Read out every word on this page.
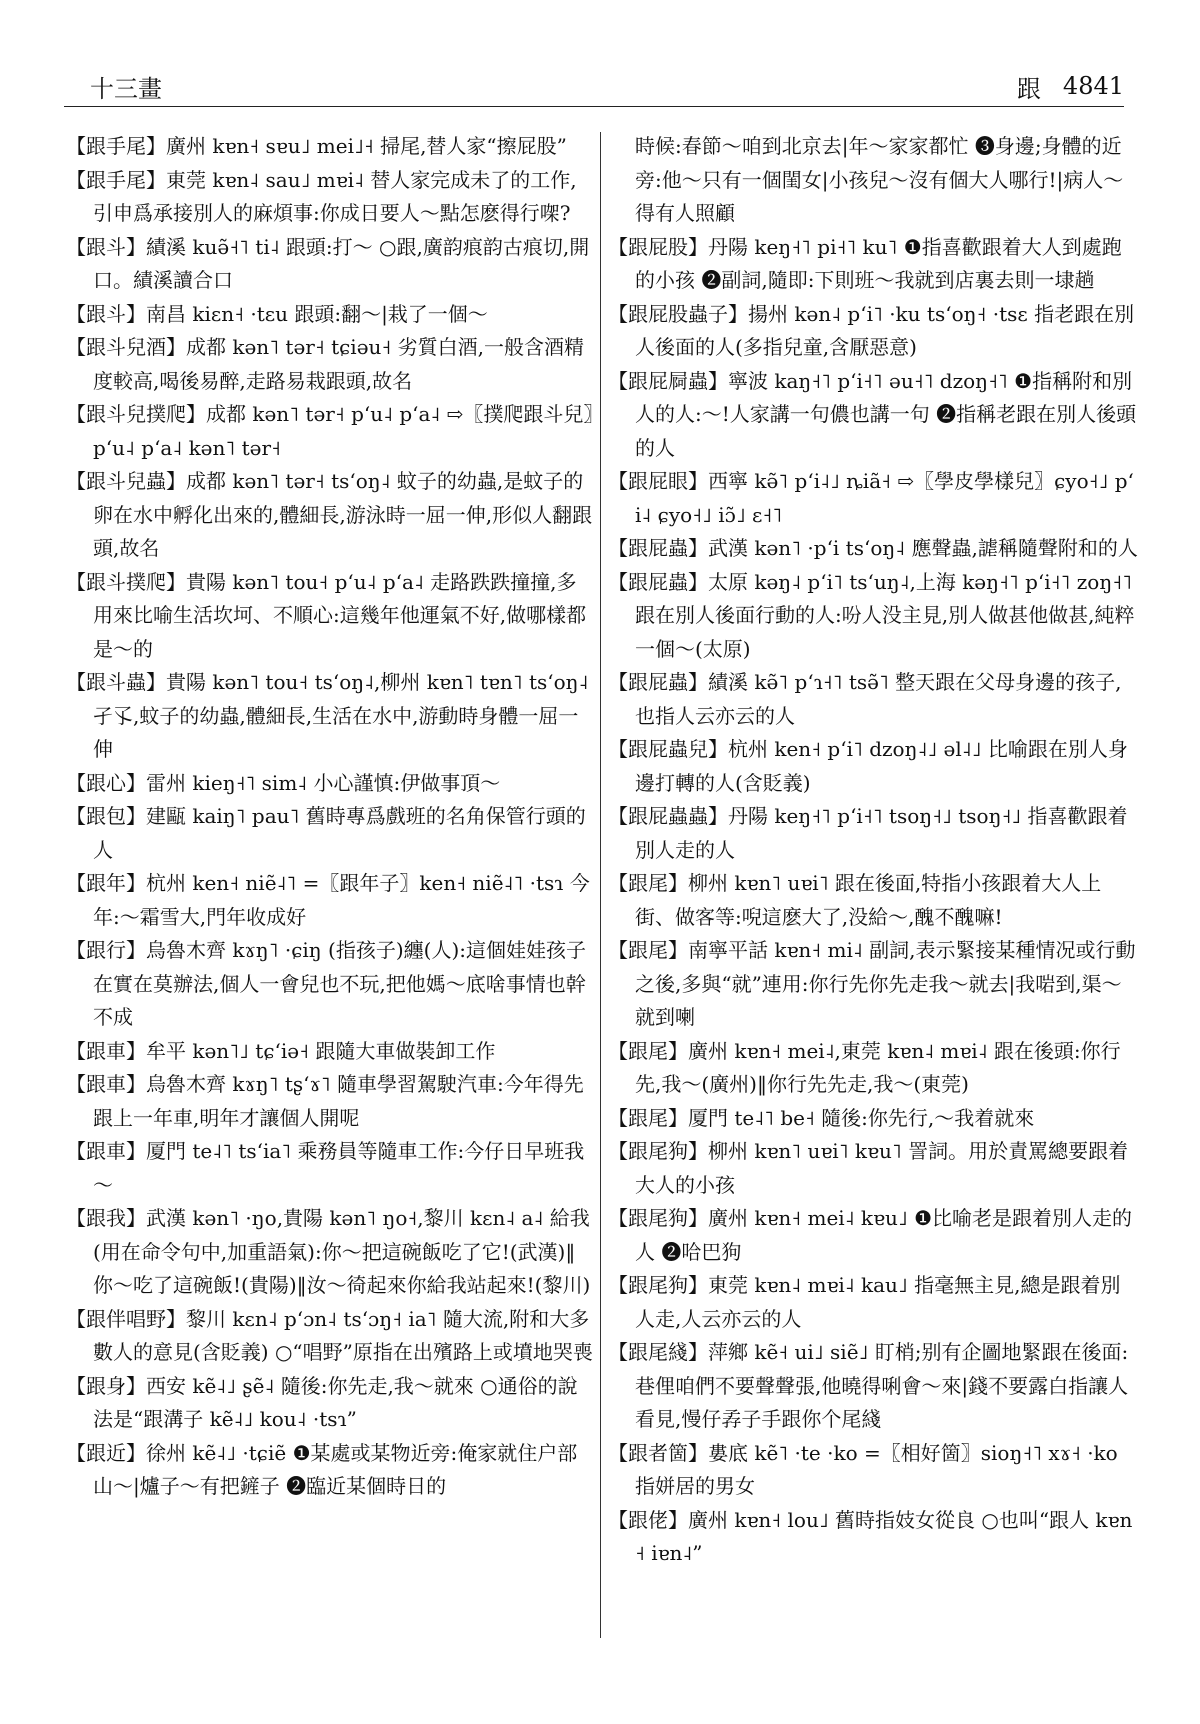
十三畫	跟 4841
【跟手尾】廣州 kɐn˧ sɐu˩ mei˩˧ 掃尾,替人家“擦屁股”
【跟手尾】東莞 kɐn˨ sau˩ mɐi˨ 替人家完成未了的工作,引申爲承接別人的麻煩事:你成日要人～點怎麽得行㗎?
【跟斗】績溪 kuə̃˧˥ ti˨ 跟頭:打～ ○跟,廣韵痕韵古痕切,開口。績溪讀合口
【跟斗】南昌 kiɛn˧ ·tɛu 跟頭:翻～|栽了一個～
【跟斗兒酒】成都 kən˥ tər˧ tɕiəu˧ 劣質白酒,一般含酒精度較高,喝後易醉,走路易栽跟頭,故名
【跟斗兒撲爬】成都 kən˥ tər˧ pʻu˨ pʻa˨ ⇨〖撲爬跟斗兒〗pʻu˨ pʻa˨ kən˥ tər˧
【跟斗兒蟲】成都 kən˥ tər˧ tsʻoŋ˨ 蚊子的幼蟲,是蚊子的卵在水中孵化出來的,體細長,游泳時一屈一伸,形似人翻跟頭,故名
【跟斗撲爬】貴陽 kən˥ tou˧ pʻu˨ pʻa˨ 走路跌跌撞撞,多用來比喻生活坎坷、不順心:這幾年他運氣不好,做哪樣都是～的
【跟斗蟲】貴陽 kən˥ tou˧ tsʻoŋ˨,柳州 kɐn˥ tɐn˥ tsʻoŋ˨ 孑孓,蚊子的幼蟲,體細長,生活在水中,游動時身體一屈一伸
【跟心】雷州 kieŋ˧˥ sim˨ 小心謹慎:伊做事頂～
【跟包】建甌 kaiŋ˥ pau˥ 舊時專爲戲班的名角保管行頭的人
【跟年】杭州 ken˧ niẽ˨˥ =〖跟年子〗ken˧ niẽ˨˥ ·tsɿ 今年:～霜雪大,門年收成好
【跟行】烏魯木齊 kɤŋ˥ ·ɕiŋ (指孩子)纏(人):這個娃娃孩子在實在莫辦法,個人一會兒也不玩,把他媽～底啥事情也幹不成
【跟車】牟平 kən˥˩ tɕʻiə˧ 跟隨大車做裝卸工作
【跟車】烏魯木齊 kɤŋ˥ tʂʻɤ˥ 隨車學習駕駛汽車:今年得先跟上一年車,明年才讓個人開呢
【跟車】厦門 te˨˥ tsʻia˥ 乘務員等隨車工作:今仔日早班我～
【跟我】武漢 kən˥ ·ŋo,貴陽 kən˥ ŋo˧,黎川 kɛn˨ a˨ 給我(用在命令句中,加重語氣):你～把這碗飯吃了它!(武漢)‖你～吃了這碗飯!(貴陽)‖汝～徛起來你給我站起來!(黎川)
【跟伴唱野】黎川 kɛn˨ pʻɔn˨ tsʻɔŋ˧ ia˥ 隨大流,附和大多數人的意見(含貶義) ○“唱野”原指在出殯路上或墳地哭喪
【跟身】西安 kẽ˨˩ ʂẽ˨ 隨後:你先走,我～就來 ○通俗的說法是“跟溝子 kẽ˨˩ kou˨ ·tsɿ”
【跟近】徐州 kẽ˨˩ ·tɕiẽ ❶某處或某物近旁:俺家就住户部山～|爐子～有把鏟子 ❷臨近某個時日的
時候:春節～咱到北京去|年～家家都忙 ❸身邊;身體的近旁:他～只有一個閨女|小孩兒～沒有個大人哪行!|病人～得有人照顧
【跟屁股】丹陽 keŋ˧˥ pi˧˥ ku˥ ❶指喜歡跟着大人到處跑的小孩 ❷副詞,隨即:下則班～我就到店裏去則一埭趟
【跟屁股蟲子】揚州 kən˨ pʻi˥ ·ku tsʻoŋ˧ ·tsɛ 指老跟在別人後面的人(多指兒童,含厭惡意)
【跟屁屙蟲】寧波 kaŋ˧˥ pʻi˧˥ əu˧˥ dzoŋ˧˥ ❶指稱附和別人的人:～!人家講一句儂也講一句 ❷指稱老跟在別人後頭的人
【跟屁眼】西寧 kə̃˥ pʻi˨˩ ȵiã˧ ⇨〖學皮學樣兒〗ɕyo˧˩ pʻi˨ ɕyo˧˩ iɔ̃˩ ɛ˧˥
【跟屁蟲】武漢 kən˥ ·pʻi tsʻoŋ˨ 應聲蟲,謔稱隨聲附和的人
【跟屁蟲】太原 kəŋ˨ pʻi˥ tsʻuŋ˨,上海 kəŋ˧˥ pʻi˧˥ zoŋ˧˥ 跟在別人後面行動的人:吩人没主見,別人做甚他做甚,純粹一個～(太原)
【跟屁蟲】績溪 kə̃˥ pʻɿ˧˥ tsə̃˥ 整天跟在父母身邊的孩子,也指人云亦云的人
【跟屁蟲兒】杭州 ken˧ pʻi˥ dzoŋ˨˩ əl˨˩ 比喻跟在別人身邊打轉的人(含貶義)
【跟屁蟲蟲】丹陽 keŋ˧˥ pʻi˧˥ tsoŋ˧˩ tsoŋ˧˩ 指喜歡跟着別人走的人
【跟尾】柳州 kɐn˥ uɐi˥ 跟在後面,特指小孩跟着大人上街、做客等:唲這麽大了,没給～,醜不醜嘛!
【跟尾】南寧平話 kɐn˧ mi˨ 副詞,表示緊接某種情况或行動之後,多與“就”連用:你行先你先走我～就去|我啱到,渠～就到喇
【跟尾】廣州 kɐn˧ mei˨,東莞 kɐn˨ mɐi˨ 跟在後頭:你行先,我～(廣州)‖你行先先走,我～(東莞)
【跟尾】厦門 te˨˥ be˧ 隨後:你先行,～我着就來
【跟尾狗】柳州 kɐn˥ uɐi˥ kɐu˥ 詈詞。用於責罵總要跟着大人的小孩
【跟尾狗】廣州 kɐn˧ mei˨ kɐu˩ ❶比喻老是跟着別人走的人 ❷哈巴狗
【跟尾狗】東莞 kɐn˨ mɐi˨ kau˩ 指毫無主見,總是跟着別人走,人云亦云的人
【跟尾綫】萍鄉 kẽ˧ ui˩ siẽ˩ 盯梢;别有企圖地緊跟在後面:巷俚咱們不要聲聲張,他曉得唎會～來|錢不要露白指讓人看見,慢仔孨子手跟你个尾綫
【跟者箇】婁底 kẽ˥ ·te ·ko =〖相好箇〗sioŋ˧˥ xɤ˧ ·ko 指姘居的男女
【跟佬】廣州 kɐn˧ lou˩ 舊時指妓女從良 ○也叫“跟人 kɐn˧ iɐn˨”
